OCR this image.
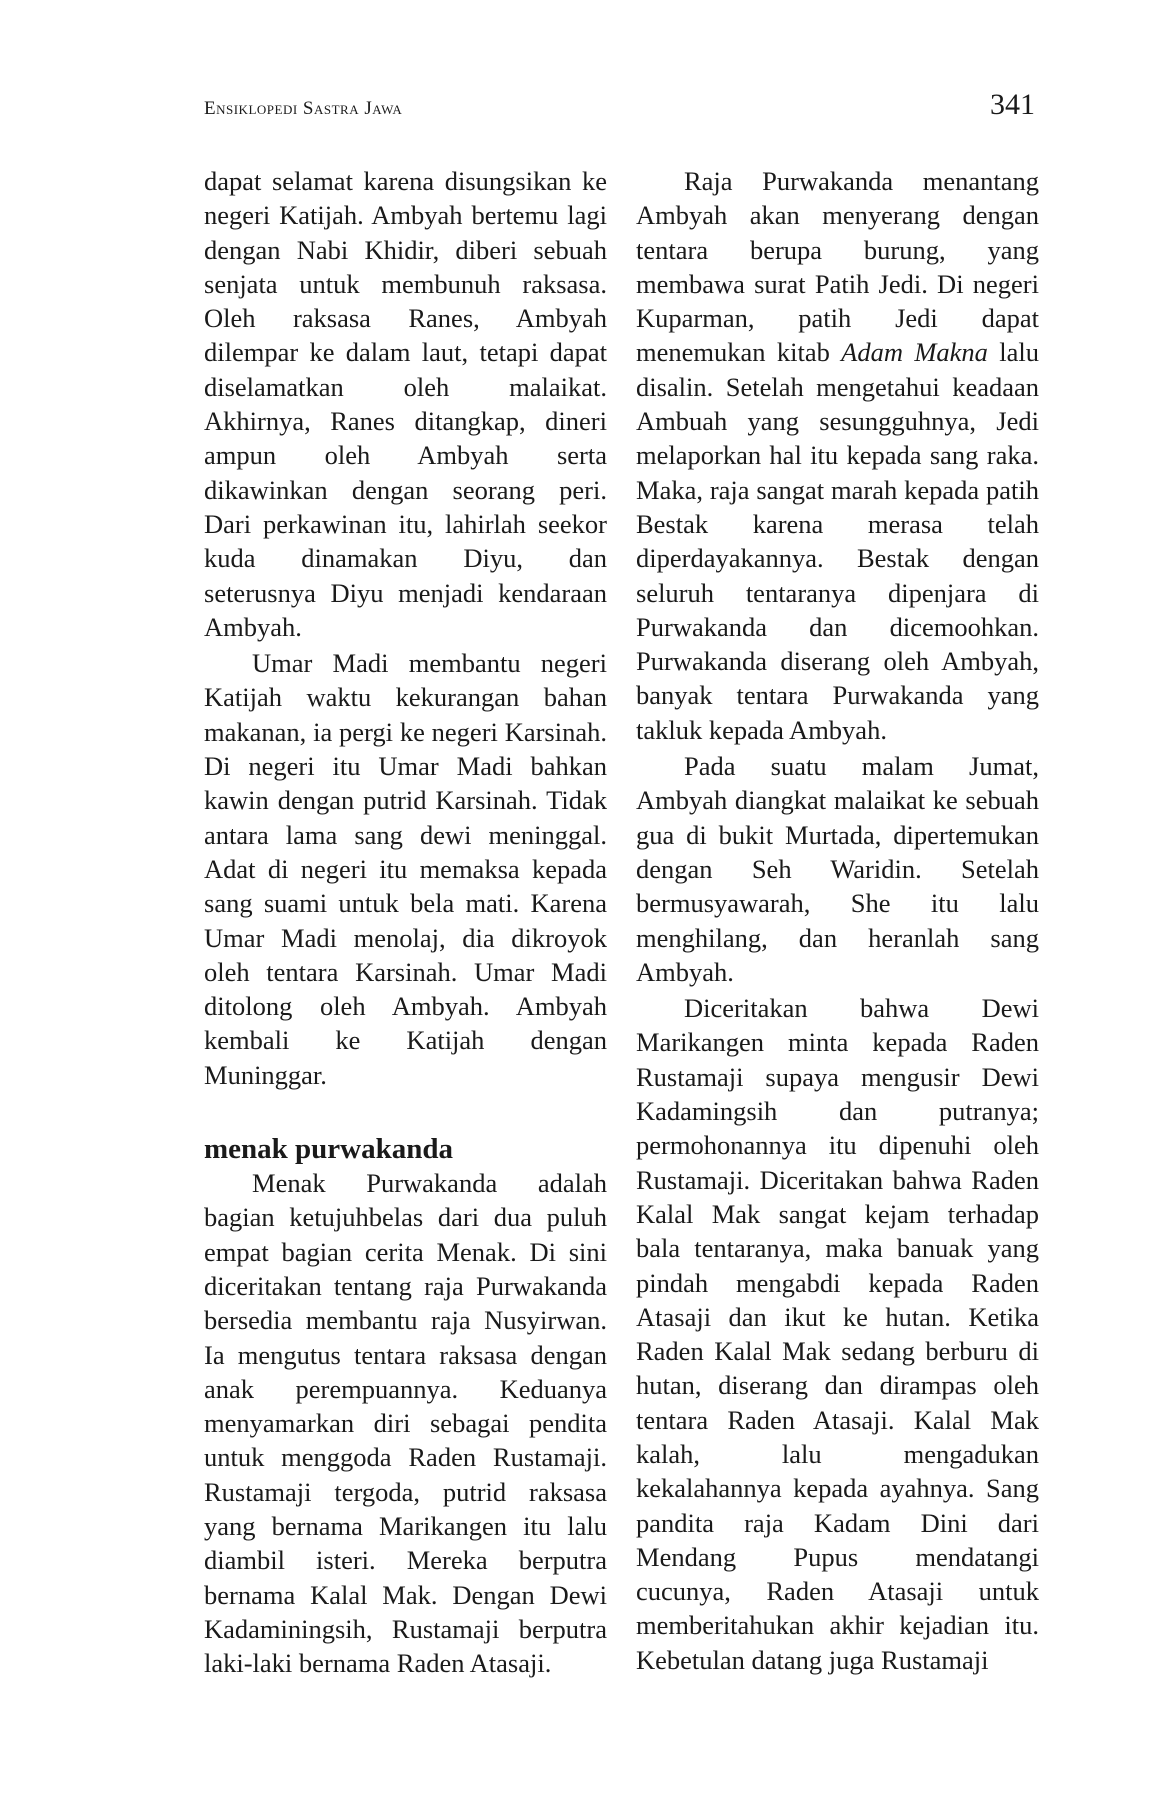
Ensiklopedi Sastra Jawa	341

dapat selamat karena disungsikan ke negeri Katijah. Ambyah bertemu lagi dengan Nabi Khidir, diberi sebuah senjata untuk membunuh raksasa. Oleh raksasa Ranes, Ambyah dilempar ke dalam laut, tetapi dapat diselamatkan oleh malaikat. Akhirnya, Ranes ditangkap, dineri ampun oleh Ambyah serta dikawinkan dengan seorang peri. Dari perkawinan itu, lahirlah seekor kuda dinamakan Diyu, dan seterusnya Diyu menjadi kendaraan Ambyah.

Umar Madi membantu negeri Katijah waktu kekurangan bahan makanan, ia pergi ke negeri Karsinah. Di negeri itu Umar Madi bahkan kawin dengan putrid Karsinah. Tidak antara lama sang dewi meninggal. Adat di negeri itu memaksa kepada sang suami untuk bela mati. Karena Umar Madi menolaj, dia dikroyok oleh tentara Karsinah. Umar Madi ditolong oleh Ambyah. Ambyah kembali ke Katijah dengan Muninggar.

menak purwakanda

Menak Purwakanda adalah bagian ketujuhbelas dari dua puluh empat bagian cerita Menak. Di sini diceritakan tentang raja Purwakanda bersedia membantu raja Nusyirwan. Ia mengutus tentara raksasa dengan anak perempuannya. Keduanya menyamarkan diri sebagai pendita untuk menggoda Raden Rustamaji. Rustamaji tergoda, putrid raksasa yang bernama Marikangen itu lalu diambil isteri. Mereka berputra bernama Kalal Mak. Dengan Dewi Kadaminingsih, Rustamaji berputra laki-laki bernama Raden Atasaji.

Raja Purwakanda menantang Ambyah akan menyerang dengan tentara berupa burung, yang membawa surat Patih Jedi. Di negeri Kuparman, patih Jedi dapat menemukan kitab Adam Makna lalu disalin. Setelah mengetahui keadaan Ambuah yang sesungguhnya, Jedi melaporkan hal itu kepada sang raka. Maka, raja sangat marah kepada patih Bestak karena merasa telah diperdayakannya. Bestak dengan seluruh tentaranya dipenjara di Purwakanda dan dicemoohkan. Purwakanda diserang oleh Ambyah, banyak tentara Purwakanda yang takluk kepada Ambyah.

Pada suatu malam Jumat, Ambyah diangkat malaikat ke sebuah gua di bukit Murtada, dipertemukan dengan Seh Waridin. Setelah bermusyawarah, She itu lalu menghilang, dan heranlah sang Ambyah.

Diceritakan bahwa Dewi Marikangen minta kepada Raden Rustamaji supaya mengusir Dewi Kadamingsih dan putranya; permohonannya itu dipenuhi oleh Rustamaji. Diceritakan bahwa Raden Kalal Mak sangat kejam terhadap bala tentaranya, maka banuak yang pindah mengabdi kepada Raden Atasaji dan ikut ke hutan. Ketika Raden Kalal Mak sedang berburu di hutan, diserang dan dirampas oleh tentara Raden Atasaji. Kalal Mak kalah, lalu mengadukan kekalahannya kepada ayahnya. Sang pandita raja Kadam Dini dari Mendang Pupus mendatangi cucunya, Raden Atasaji untuk memberitahukan akhir kejadian itu. Kebetulan datang juga Rustamaji
